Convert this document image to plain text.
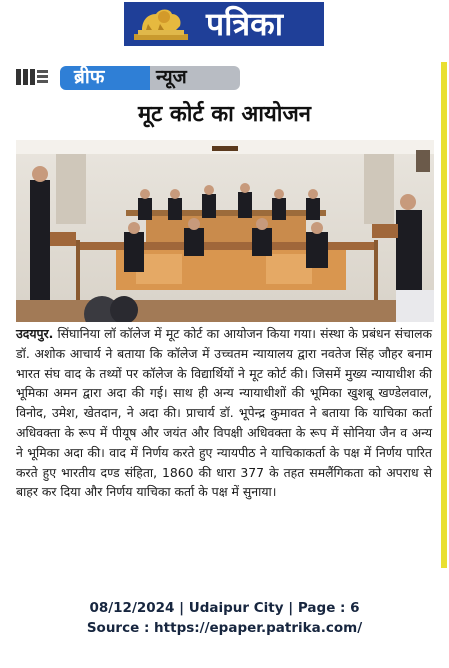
पत्रिका
ब्रीफ	न्यूज
मूट कोर्ट का आयोजन
उदयपुर. सिंघानिया लॉ कॉलेज में मूट कोर्ट का आयोजन किया गया। संस्था के प्रबंधन संचालक डॉ. अशोक आचार्य ने बताया कि कॉलेज में उच्चतम न्यायालय द्वारा नवतेज सिंह जौहर बनाम भारत संघ वाद के तथ्यों पर कॉलेज के विद्यार्थियों ने मूट कोर्ट की। जिसमें मुख्य न्यायाधीश की भूमिका अमन द्वारा अदा की गई। साथ ही अन्य न्यायाधीशों की भूमिका खुशबू खण्डेलवाल, विनोद, उमेश, खेतदान, ने अदा की। प्राचार्य डॉ. भूपेन्द्र कुमावत ने बताया कि याचिका कर्ता अधिवक्ता के रूप में पीयूष और जयंत और विपक्षी अधिवक्ता के रूप में सोनिया जैन व अन्य ने भूमिका अदा की। वाद में निर्णय करते हुए न्यायपीठ ने याचिकाकर्ता के पक्ष में निर्णय पारित करते हुए भारतीय दण्ड संहिता, 1860 की धारा 377 के तहत समलैंगिकता को अपराध से बाहर कर दिया और निर्णय याचिका कर्ता के पक्ष में सुनाया।
08/12/2024 | Udaipur City | Page : 6
Source : https://epaper.patrika.com/
